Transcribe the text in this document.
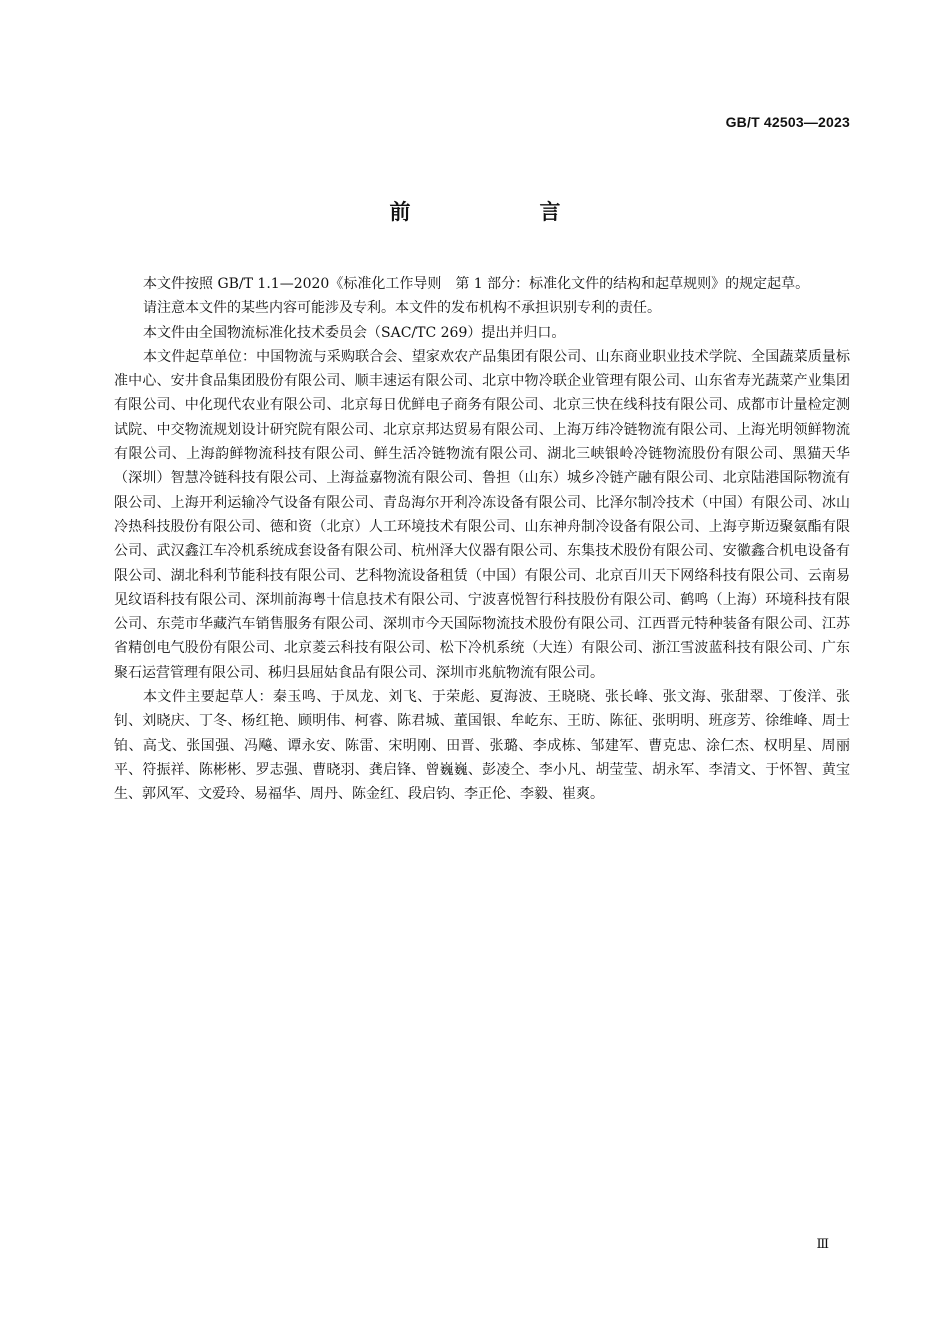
GB/T 42503—2023
前　言

本文件按照 GB/T 1.1—2020《标准化工作导则　第 1 部分：标准化文件的结构和起草规则》的规定起草。

请注意本文件的某些内容可能涉及专利。本文件的发布机构不承担识别专利的责任。

本文件由全国物流标准化技术委员会（SAC/TC 269）提出并归口。

本文件起草单位：中国物流与采购联合会、望家欢农产品集团有限公司、山东商业职业技术学院、全国蔬菜质量标准中心、安井食品集团股份有限公司、顺丰速运有限公司、北京中物冷联企业管理有限公司、山东省寿光蔬菜产业集团有限公司、中化现代农业有限公司、北京每日优鲜电子商务有限公司、北京三快在线科技有限公司、成都市计量检定测试院、中交物流规划设计研究院有限公司、北京京邦达贸易有限公司、上海万纬冷链物流有限公司、上海光明领鲜物流有限公司、上海韵鲜物流科技有限公司、鲜生活冷链物流有限公司、湖北三峡银岭冷链物流股份有限公司、黑猫天华（深圳）智慧冷链科技有限公司、上海益嘉物流有限公司、鲁担（山东）城乡冷链产融有限公司、北京陆港国际物流有限公司、上海开利运输冷气设备有限公司、青岛海尔开利冷冻设备有限公司、比泽尔制冷技术（中国）有限公司、冰山冷热科技股份有限公司、德和资（北京）人工环境技术有限公司、山东神舟制冷设备有限公司、上海亨斯迈聚氨酯有限公司、武汉鑫江车冷机系统成套设备有限公司、杭州泽大仪器有限公司、东集技术股份有限公司、安徽鑫合机电设备有限公司、湖北科利节能科技有限公司、艺科物流设备租赁（中国）有限公司、北京百川天下网络科技有限公司、云南易见纹语科技有限公司、深圳前海粤十信息技术有限公司、宁波喜悦智行科技股份有限公司、鹤鸣（上海）环境科技有限公司、东莞市华藏汽车销售服务有限公司、深圳市今天国际物流技术股份有限公司、江西晋元特种装备有限公司、江苏省精创电气股份有限公司、北京菱云科技有限公司、松下冷机系统（大连）有限公司、浙江雪波蓝科技有限公司、广东聚石运营管理有限公司、秭归县屈姑食品有限公司、深圳市兆航物流有限公司。

本文件主要起草人：秦玉鸣、于凤龙、刘飞、于荣彪、夏海波、王晓晓、张长峰、张文海、张甜翠、丁俊洋、张钊、刘晓庆、丁冬、杨红艳、顾明伟、柯睿、陈君城、董国银、牟屹东、王昉、陈征、张明明、班彦芳、徐维峰、周士铂、高戈、张国强、冯飚、谭永安、陈雷、宋明刚、田晋、张璐、李成栋、邹建军、曹克忠、涂仁杰、权明星、周丽平、符振祥、陈彬彬、罗志强、曹晓羽、龚启锋、曾巍巍、彭凌仝、李小凡、胡莹莹、胡永军、李清文、于怀智、黄宝生、郭风军、文爱玲、易福华、周丹、陈金红、段启钧、李正伦、李毅、崔爽。

Ⅲ
